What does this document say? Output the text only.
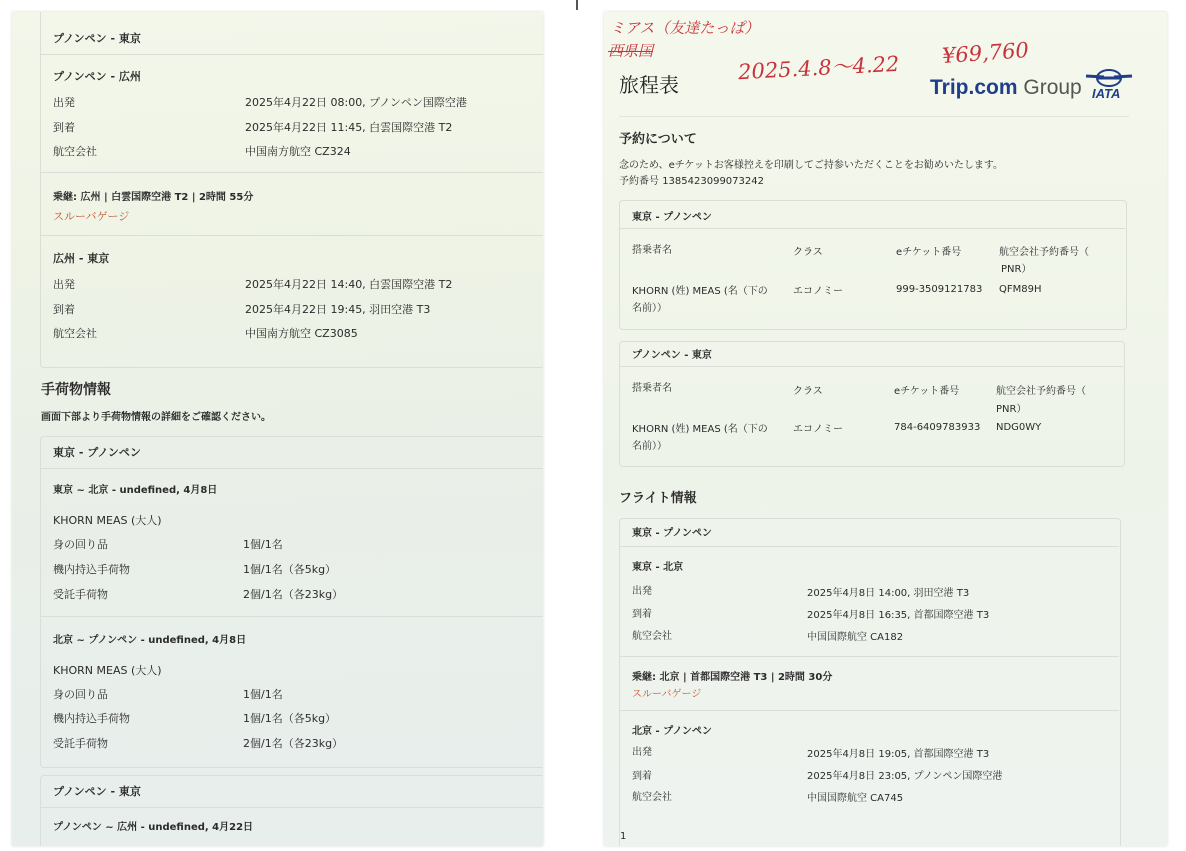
プノンペン - 東京
プノンペン - 広州
出発	2025年4月22日 08:00, プノンペン国際空港
到着	2025年4月22日 11:45, 白雲国際空港 T2
航空会社	中国南方航空 CZ324
乗継: 広州 | 白雲国際空港 T2 | 2時間 55分
スルーバゲージ
広州 - 東京
出発	2025年4月22日 14:40, 白雲国際空港 T2
到着	2025年4月22日 19:45, 羽田空港 T3
航空会社	中国南方航空 CZ3085
手荷物情報
画面下部より手荷物情報の詳細をご確認ください。
東京 - プノンペン
東京 ~ 北京 - undefined, 4月8日
KHORN MEAS (大人)
身の回り品	1個/1名
機内持込手荷物	1個/1名（各5kg）
受託手荷物	2個/1名（各23kg）
北京 ~ プノンペン - undefined, 4月8日
KHORN MEAS (大人)
身の回り品	1個/1名
機内持込手荷物	1個/1名（各5kg）
受託手荷物	2個/1名（各23kg）
プノンペン - 東京
プノンペン ~ 広州 - undefined, 4月22日
ミアス（友達たっぱ）
西県国
2025.4.8～4.22 ¥69,760
旅程表	Trip.com Group IATA
予約について
念のため、eチケットお客様控えを印刷してご持参いただくことをお勧めいたします。
予約番号 1385423099073242
東京 - プノンペン
搭乗者名	クラス	eチケット番号	航空会社予約番号（
PNR）
KHORN (姓) MEAS (名（下の
名前））
エコノミー	999-3509121783 QFM89H
プノンペン - 東京
搭乗者名	クラス	eチケット番号	航空会社予約番号（
PNR）
KHORN (姓) MEAS (名（下の
名前））
エコノミー	784-6409783933 NDG0WY
フライト情報
東京 - プノンペン
東京 - 北京
出発	2025年4月8日 14:00, 羽田空港 T3
到着	2025年4月8日 16:35, 首都国際空港 T3
航空会社	中国国際航空 CA182
乗継: 北京 | 首都国際空港 T3 | 2時間 30分
スルーバゲージ
北京 - プノンペン
出発	2025年4月8日 19:05, 首都国際空港 T3
到着	2025年4月8日 23:05, プノンペン国際空港
航空会社	中国国際航空 CA745
1
